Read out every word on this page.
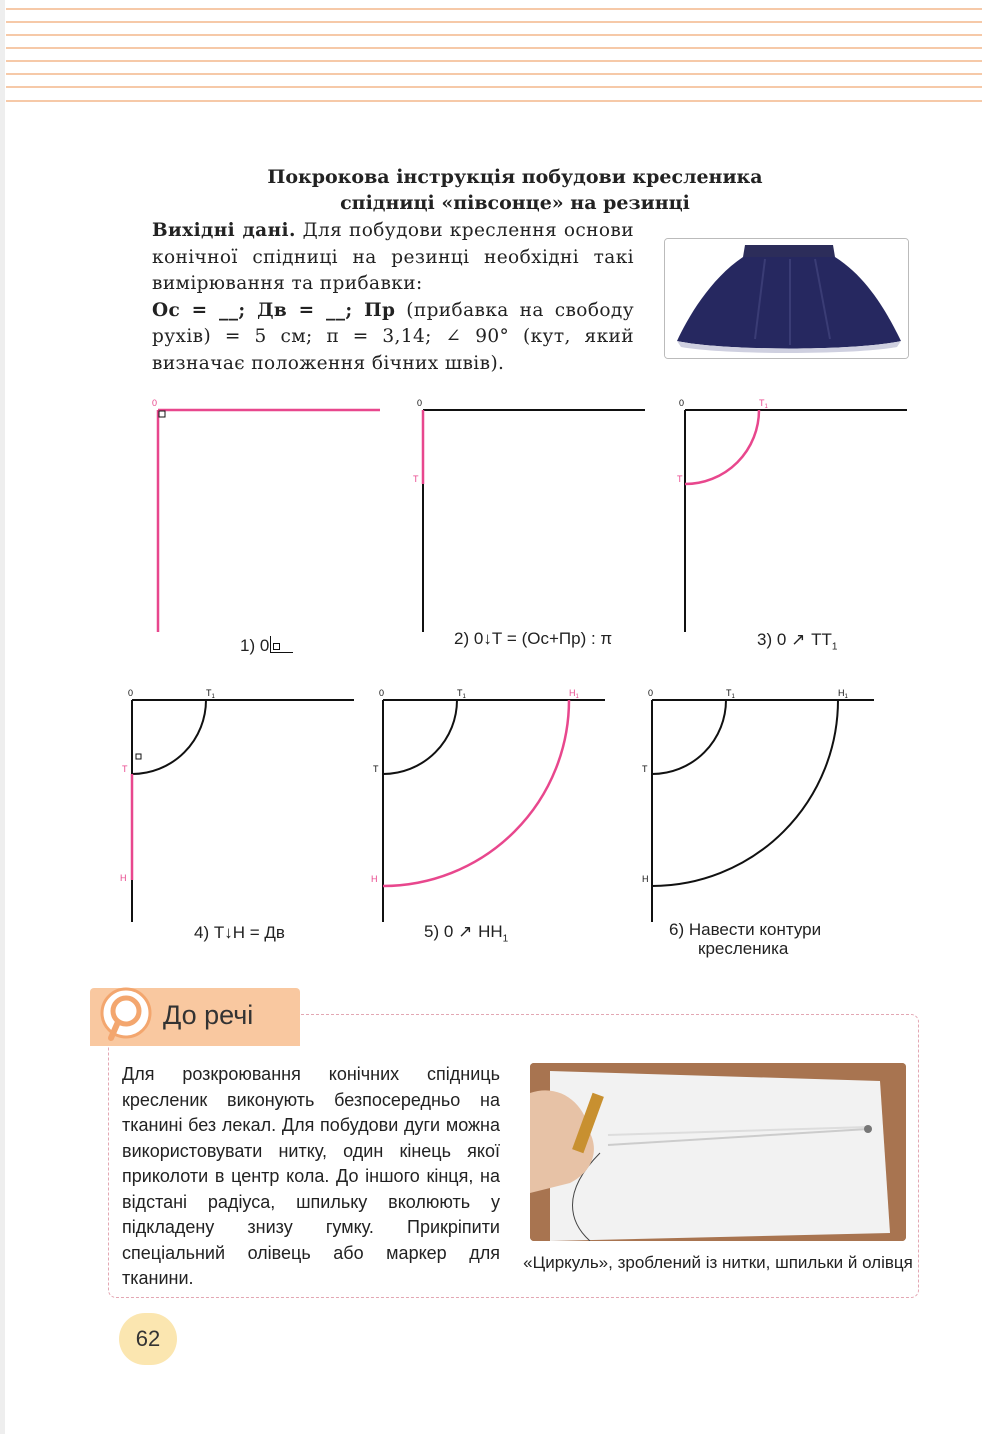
Покрокова інструкція побудови кресленика
спідниці «півсонце» на резинці
Вихідні дані. Для побудови креслення основи конічної спідниці на резинці необхідні такі вимірювання та прибавки:
Ос = __; Дв = __; Пр (прибавка на свободу рухів) = 5 см; π = 3,14; ∠ 90° (кут, який визначає положення бічних швів).
0
1) 0
0
Т
2) 0↓Т = (Ос+Пр) : π
0
Т
$Т_1$
3) 0 ↗ $ТТ_1$
0
Т
$Т_1$
Н
4) Т↓Н = Дв
0
Т
$Т_1$
Н
$Н_1$
5) 0 ↗ $НН_1$
0
Т
$Т_1$
Н
$Н_1$
6) Навести контури
кресленика
До речі
Для розкроювання конічних спідниць кресленик виконують безпосередньо на тканині без лекал. Для побудови дуги можна використовувати нитку, один кінець якої приколоти в центр кола. До іншого кінця, на відстані радіуса, шпильку вколюють у підкладену знизу гумку. Прикріпити спеціальний олівець або маркер для тканини.
«Циркуль», зроблений із нитки, шпильки й олівця
62
